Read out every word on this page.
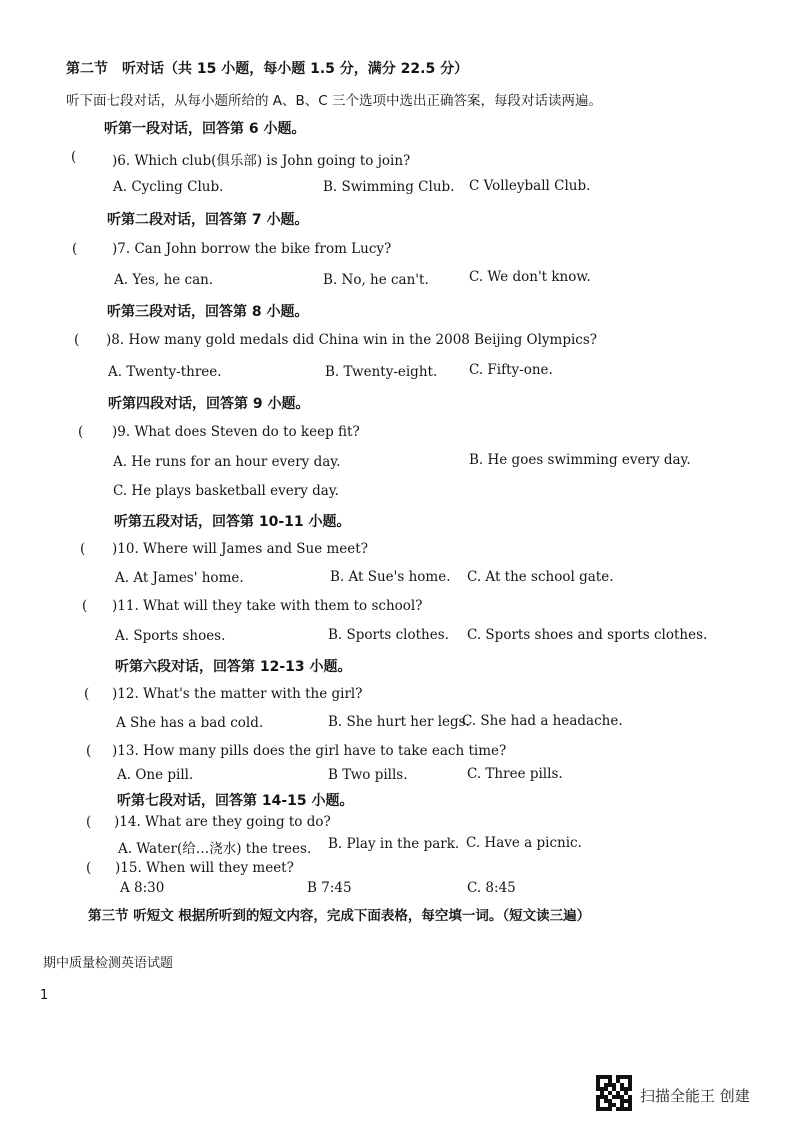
第二节　听对话（共 15 小题，每小题 1.5 分，满分 22.5 分）
听下面七段对话，从每小题所给的 A、B、C 三个选项中选出正确答案，每段对话读两遍。
听第一段对话，回答第 6 小题。
(	)6. Which club(俱乐部) is John going to join?
A. Cycling Club.	B. Swimming Club. C Volleyball Club.
听第二段对话，回答第 7 小题。
(	)7. Can John borrow the bike from Lucy?
A. Yes, he can.	B. No, he can't.	C. We don't know.
听第三段对话，回答第 8 小题。
( )8. How many gold medals did China win in the 2008 Beijing Olympics?
A. Twenty-three.	B. Twenty-eight. C. Fifty-one.
听第四段对话，回答第 9 小题。
( )9. What does Steven do to keep fit?
A. He runs for an hour every day.	B. He goes swimming every day.
C. He plays basketball every day.
听第五段对话，回答第 10-11 小题。
( )10. Where will James and Sue meet?
A. At James' home.	B. At Sue's home. C. At the school gate.
( )11. What will they take with them to school?
A. Sports shoes.	B. Sports clothes. C. Sports shoes and sports clothes.
听第六段对话，回答第 12-13 小题。
( )12. What's the matter with the girl?
A She has a bad cold.	B. She hurt her legs.
C. She had a headache.
( )13. How many pills does the girl have to take each time?
A. One pill.	B Two pills.	C. Three pills.
听第七段对话，回答第 14-15 小题。
( )14. What are they going to do?
A. Water(给…浇水) the trees. B. Play in the park. C. Have a picnic.
( )15. When will they meet?
A 8:30	B 7:45	C. 8:45
第三节 听短文 根据所听到的短文内容，完成下面表格，每空填一词。（短文读三遍）
期中质量检测英语试题
1
扫描全能王 创建
